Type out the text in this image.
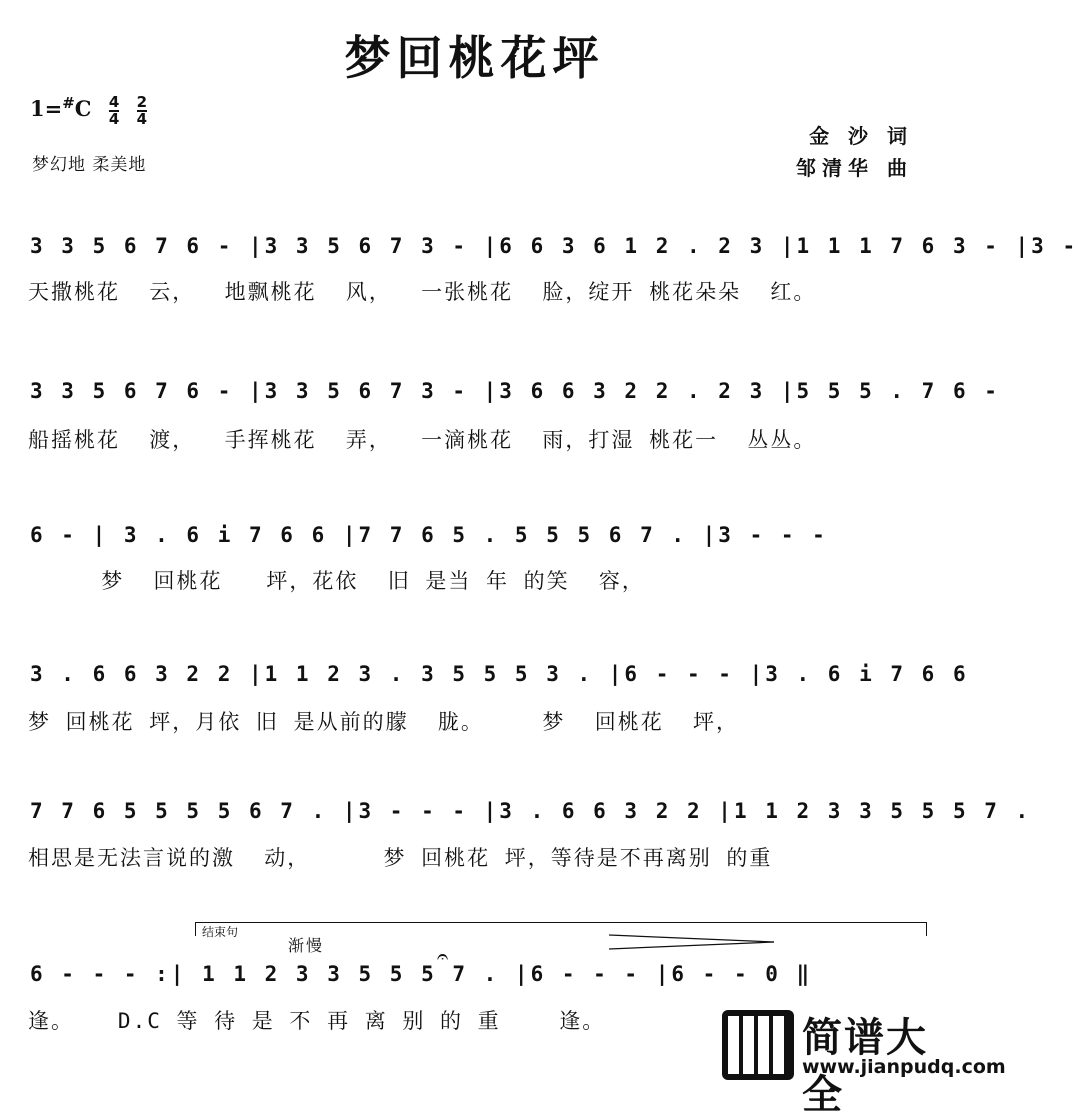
梦回桃花坪
$1=^{\#}C \frac{4}{4}$
$\frac{2}{4}$
梦幻地 柔美地
金 沙 词
邹清华 曲
3 3 5 6 7 6 - |3 3 5 6 7 3 - |6 6 3 6 1 2 . 2 3 |1 1 1 7 6 3 - |3 -
天撒桃花  云，  地飘桃花  风，  一张桃花  脸，绽开 桃花朵朵  红。
3 3 5 6 7 6 - |3 3 5 6 7 3 - |3 6 6 3 2 2 . 2 3 |5 5 5 . 7 6 -
船摇桃花  渡，  手挥桃花  弄，  一滴桃花  雨，打湿 桃花一  丛丛。
6 - | 3 . 6 i 7 6 6 |7 7 6 5 . 5 5 5 6 7 . |3 - - -
梦  回桃花   坪，花依  旧 是当 年 的笑  容，
3 . 6 6 3 2 2 |1 1 2 3 . 3 5 5 5 3 . |6 - - - |3 . 6 i 7 6 6
梦 回桃花 坪，月依 旧 是从前的朦  胧。    梦  回桃花  坪，
7 7 6 5 5 5 5 6 7 . |3 - - - |3 . 6 6 3 2 2 |1 1 2 3 3 5 5 5 7 .
相思是无法言说的激  动，     梦 回桃花 坪，等待是不再离别 的重
结束句
渐慢	𝄐
6 - - - :| 1 1 2 3 3 5 5 5 7 . |6 - - - |6 - - 0 ‖
逢。   D.C 等 待 是 不 再 离 别 的 重    逢。	简谱大全
www.jianpudq.com
